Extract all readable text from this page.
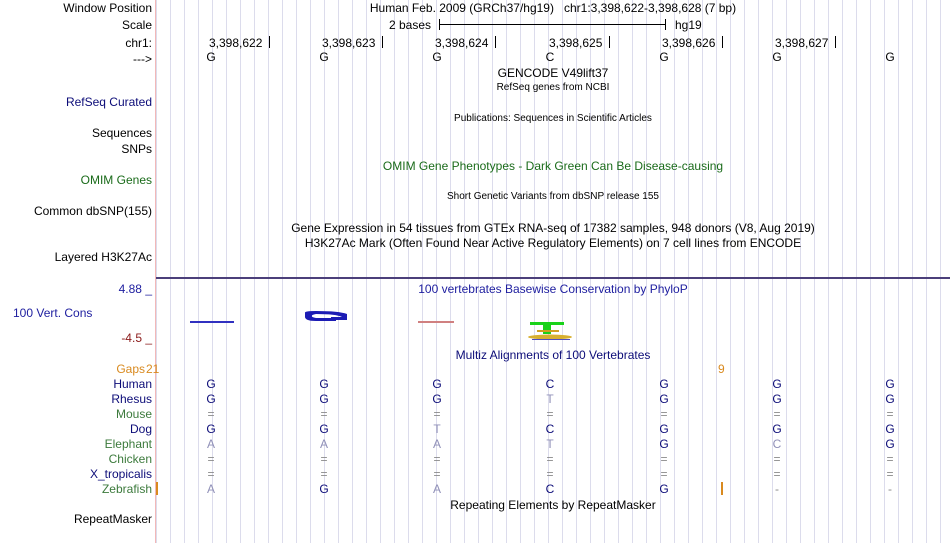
Window Position	Human Feb. 2009 (GRCh37/hg19)   chr1:3,398,622-3,398,628 (7 bp)
Scale	2 bases	hg19
chr1:	3,398,622	3,398,623	3,398,624	3,398,625	3,398,626	3,398,627
--->	G	G	G	C	G	G	G
GENCODE V49lift37
RefSeq genes from NCBI
RefSeq Curated
Publications: Sequences in Scientific Articles
Sequences
SNPs
OMIM Gene Phenotypes - Dark Green Can Be Disease-causing
OMIM Genes
Short Genetic Variants from dbSNP release 155
Common dbSNP(155)
Gene Expression in 54 tissues from GTEx RNA-seq of 17382 samples, 948 donors (V8, Aug 2019)
H3K27Ac Mark (Often Found Near Active Regulatory Elements) on 7 cell lines from ENCODE
Layered H3K27Ac
4.88 _	100 vertebrates Basewise Conservation by PhyloP
100 Vert. Cons
-4.5 _
Multiz Alignments of 100 Vertebrates
Gaps 21	9
Human	G	G	G	C	G	G	G
Rhesus	G	G	G	T	G	G	G
Mouse	=	=	=	=	=	=	=
Dog	G	G	T	C	G	G	G
Elephant	A	A	A	T	G	C	G
Chicken	=	=	=	=	=	=	=
X_tropicalis	=	=	=	=	=	=	=
Zebrafish	A	G	A	C	G	-	-
Repeating Elements by RepeatMasker
RepeatMasker
